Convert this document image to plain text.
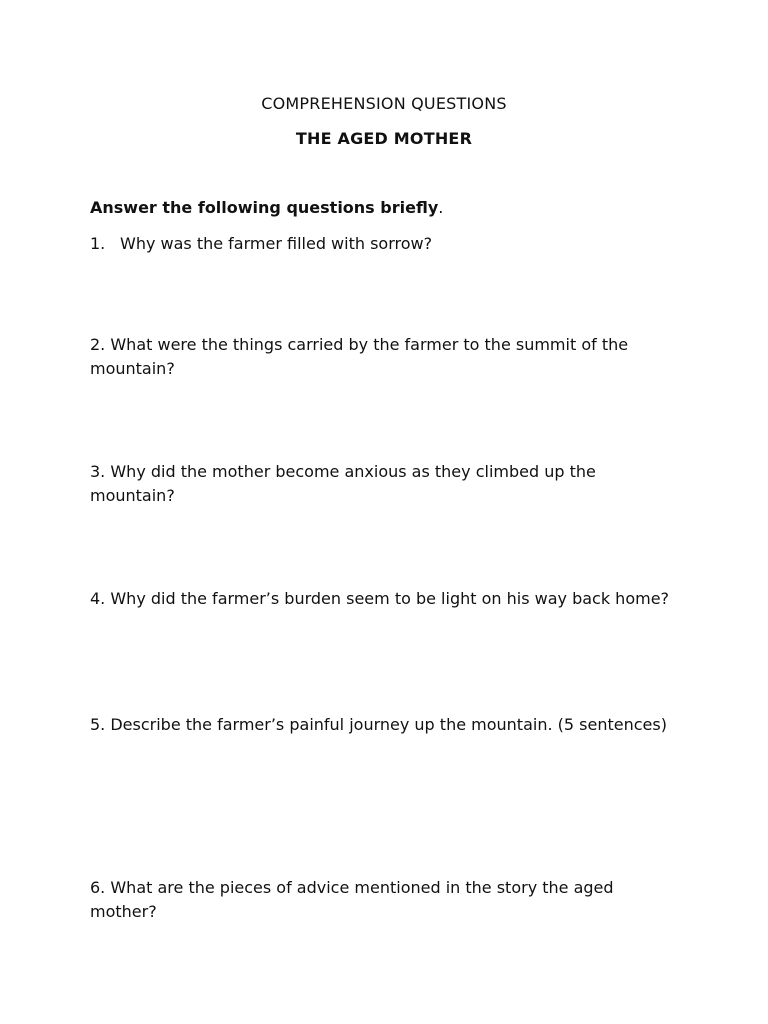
COMPREHENSION QUESTIONS
THE AGED MOTHER
Answer the following questions briefly.
1. Why was the farmer filled with sorrow?
2. What were the things carried by the farmer to the summit of the mountain?
3. Why did the mother become anxious as they climbed up the mountain?
4. Why did the farmer’s burden seem to be light on his way back home?
5. Describe the farmer’s painful journey up the mountain. (5 sentences)
6. What are the pieces of advice mentioned in the story the aged mother?
